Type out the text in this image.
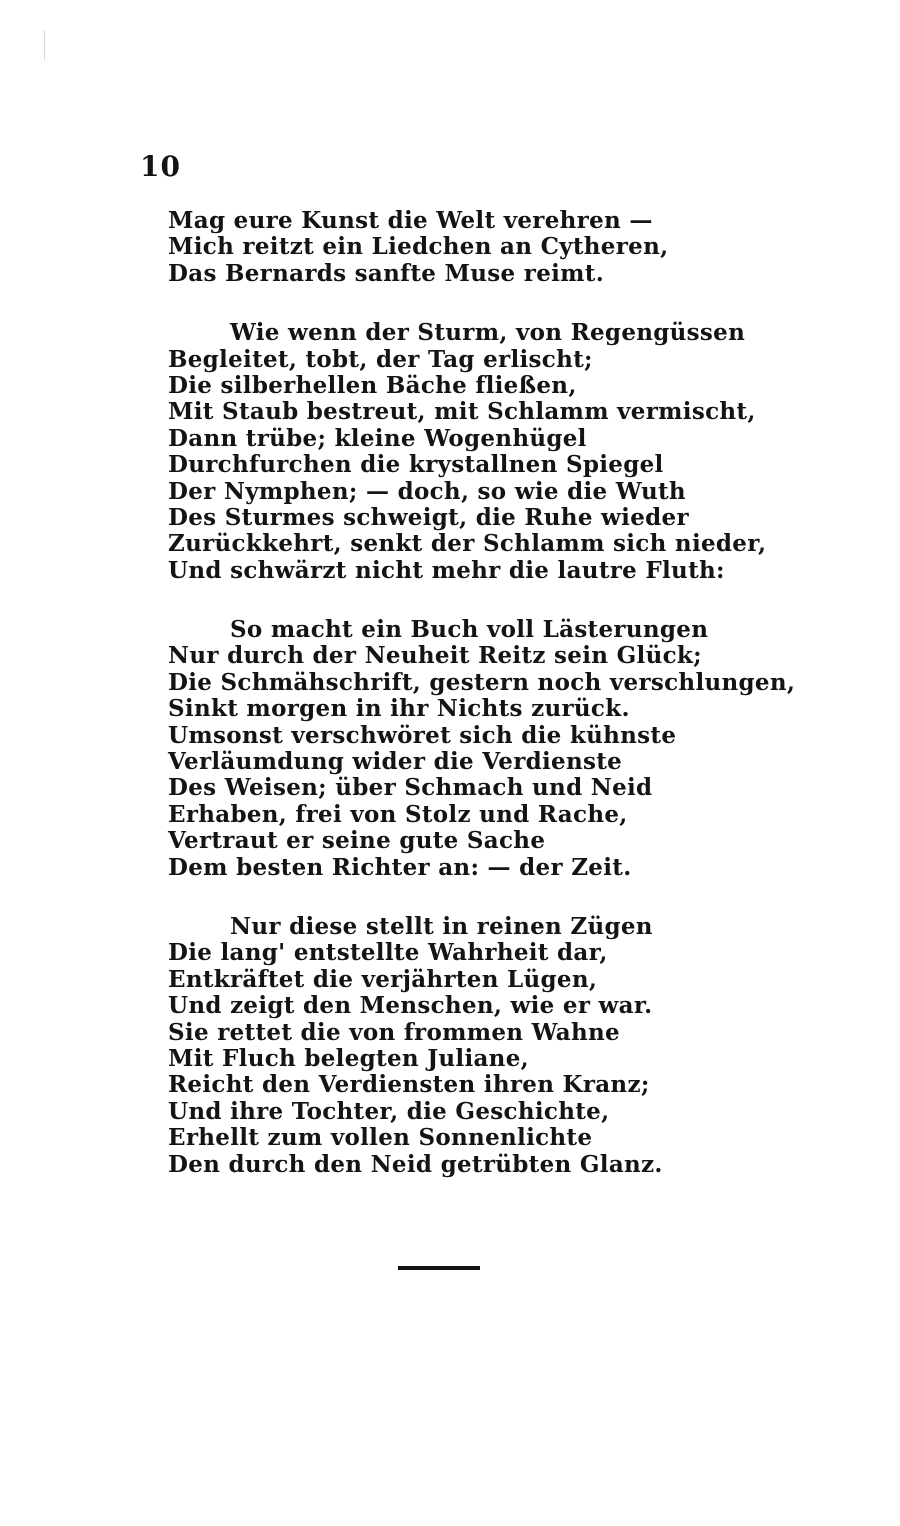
10
Mag eure Kunst die Welt verehren —
Mich reitzt ein Liedchen an Cytheren,
Das Bernards sanfte Muse reimt.
Wie wenn der Sturm, von Regengüssen
Begleitet, tobt, der Tag erlischt;
Die silberhellen Bäche fließen,
Mit Staub bestreut, mit Schlamm vermischt,
Dann trübe; kleine Wogenhügel
Durchfurchen die krystallnen Spiegel
Der Nymphen; — doch, so wie die Wuth
Des Sturmes schweigt, die Ruhe wieder
Zurückkehrt, senkt der Schlamm sich nieder,
Und schwärzt nicht mehr die lautre Fluth:
So macht ein Buch voll Lästerungen
Nur durch der Neuheit Reitz sein Glück;
Die Schmähschrift, gestern noch verschlungen,
Sinkt morgen in ihr Nichts zurück.
Umsonst verschwöret sich die kühnste
Verläumdung wider die Verdienste
Des Weisen; über Schmach und Neid
Erhaben, frei von Stolz und Rache,
Vertraut er seine gute Sache
Dem besten Richter an: — der Zeit.
Nur diese stellt in reinen Zügen
Die lang' entstellte Wahrheit dar,
Entkräftet die verjährten Lügen,
Und zeigt den Menschen, wie er war.
Sie rettet die von frommen Wahne
Mit Fluch belegten Juliane,
Reicht den Verdiensten ihren Kranz;
Und ihre Tochter, die Geschichte,
Erhellt zum vollen Sonnenlichte
Den durch den Neid getrübten Glanz.
